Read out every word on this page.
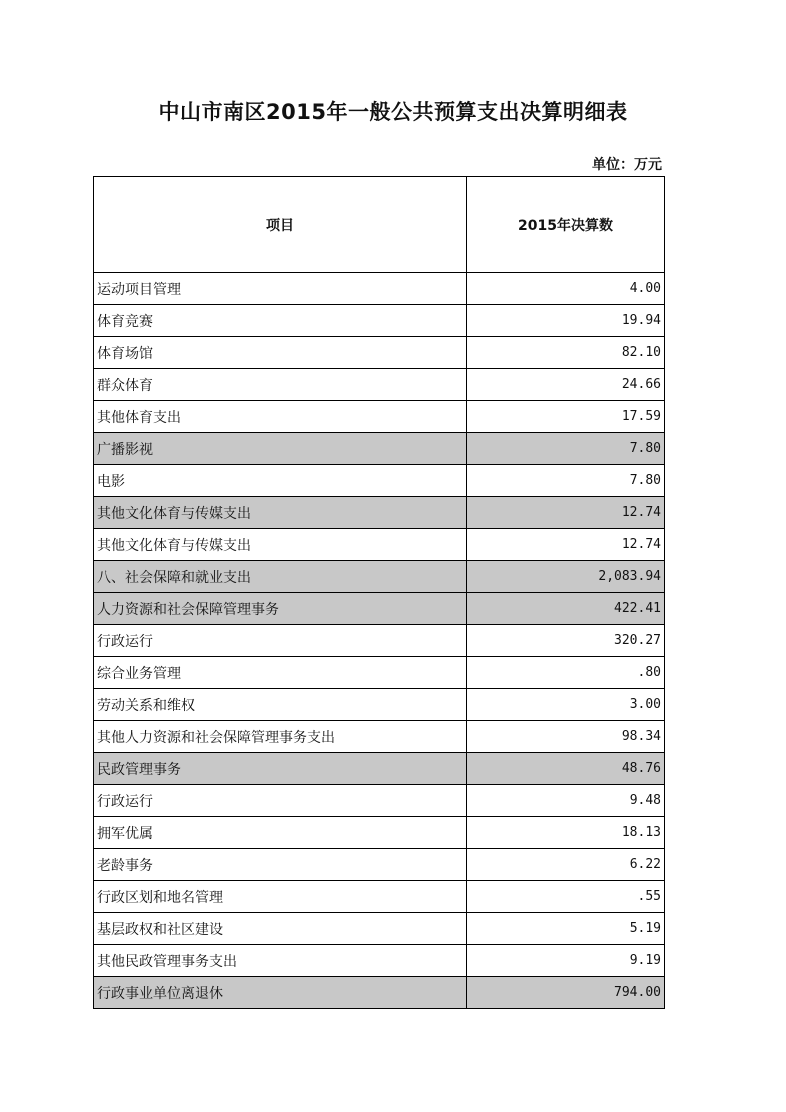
中山市南区2015年一般公共预算支出决算明细表
单位：万元
项目	2015年决算数
运动项目管理	4.00
体育竞赛	19.94
体育场馆	82.10
群众体育	24.66
其他体育支出	17.59
广播影视	7.80
电影	7.80
其他文化体育与传媒支出	12.74
其他文化体育与传媒支出	12.74
八、社会保障和就业支出	2,083.94
人力资源和社会保障管理事务	422.41
行政运行	320.27
综合业务管理	.80
劳动关系和维权	3.00
其他人力资源和社会保障管理事务支出	98.34
民政管理事务	48.76
行政运行	9.48
拥军优属	18.13
老龄事务	6.22
行政区划和地名管理	.55
基层政权和社区建设	5.19
其他民政管理事务支出	9.19
行政事业单位离退休	794.00
